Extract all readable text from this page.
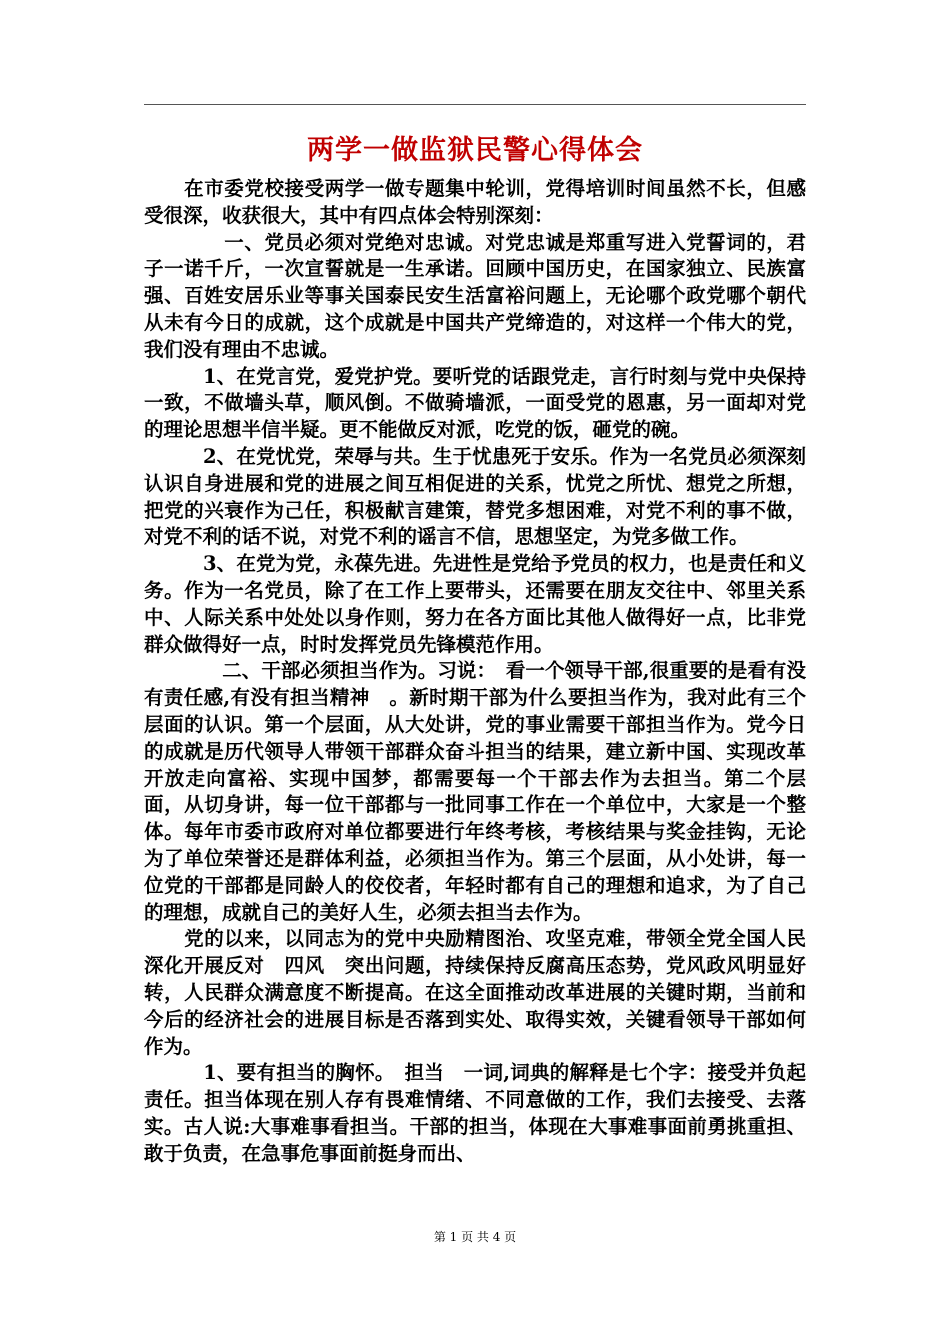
两学一做监狱民警心得体会

　　在市委党校接受两学一做专题集中轮训，党得培训时间虽然不长，但感受很深，收获很大，其中有四点体会特别深刻：

　　　　一、党员必须对党绝对忠诚。对党忠诚是郑重写进入党誓词的，君子一诺千斤，一次宣誓就是一生承诺。回顾中国历史，在国家独立、民族富强、百姓安居乐业等事关国泰民安生活富裕问题上，无论哪个政党哪个朝代从未有今日的成就，这个成就是中国共产党缔造的，对这样一个伟大的党，我们没有理由不忠诚。

　　　1、在党言党，爱党护党。要听党的话跟党走，言行时刻与党中央保持一致，不做墙头草，顺风倒。不做骑墙派，一面受党的恩惠，另一面却对党的理论思想半信半疑。更不能做反对派，吃党的饭，砸党的碗。

　　　2、在党忧党，荣辱与共。生于忧患死于安乐。作为一名党员必须深刻认识自身进展和党的进展之间互相促进的关系，忧党之所忧、想党之所想，把党的兴衰作为己任，积极献言建策，替党多想困难，对党不利的事不做，对党不利的话不说，对党不利的谣言不信，思想坚定，为党多做工作。

　　　3、在党为党，永葆先进。先进性是党给予党员的权力，也是责任和义务。作为一名党员，除了在工作上要带头，还需要在朋友交往中、邻里关系中、人际关系中处处以身作则，努力在各方面比其他人做得好一点，比非党群众做得好一点，时时发挥党员先锋模范作用。

　　　　二、干部必须担当作为。习说：　看一个领导干部,很重要的是看有没有责任感,有没有担当精神　。新时期干部为什么要担当作为，我对此有三个层面的认识。第一个层面，从大处讲，党的事业需要干部担当作为。党今日的成就是历代领导人带领干部群众奋斗担当的结果，建立新中国、实现改革开放走向富裕、实现中国梦，都需要每一个干部去作为去担当。第二个层面，从切身讲，每一位干部都与一批同事工作在一个单位中，大家是一个整体。每年市委市政府对单位都要进行年终考核，考核结果与奖金挂钩，无论为了单位荣誉还是群体利益，必须担当作为。第三个层面，从小处讲，每一位党的干部都是同龄人的佼佼者，年轻时都有自己的理想和追求，为了自己的理想，成就自己的美好人生，必须去担当去作为。

　　党的以来，以同志为的党中央励精图治、攻坚克难，带领全党全国人民深化开展反对　四风　突出问题，持续保持反腐高压态势，党风政风明显好转，人民群众满意度不断提高。在这全面推动改革进展的关键时期，当前和今后的经济社会的进展目标是否落到实处、取得实效，关键看领导干部如何作为。

　　　1、要有担当的胸怀。　担当　一词,词典的解释是七个字：接受并负起责任。担当体现在别人存有畏难情绪、不同意做的工作，我们去接受、去落实。古人说:大事难事看担当。干部的担当，体现在大事难事面前勇挑重担、敢于负责，在急事危事面前挺身而出、

第 1 页 共 4 页
